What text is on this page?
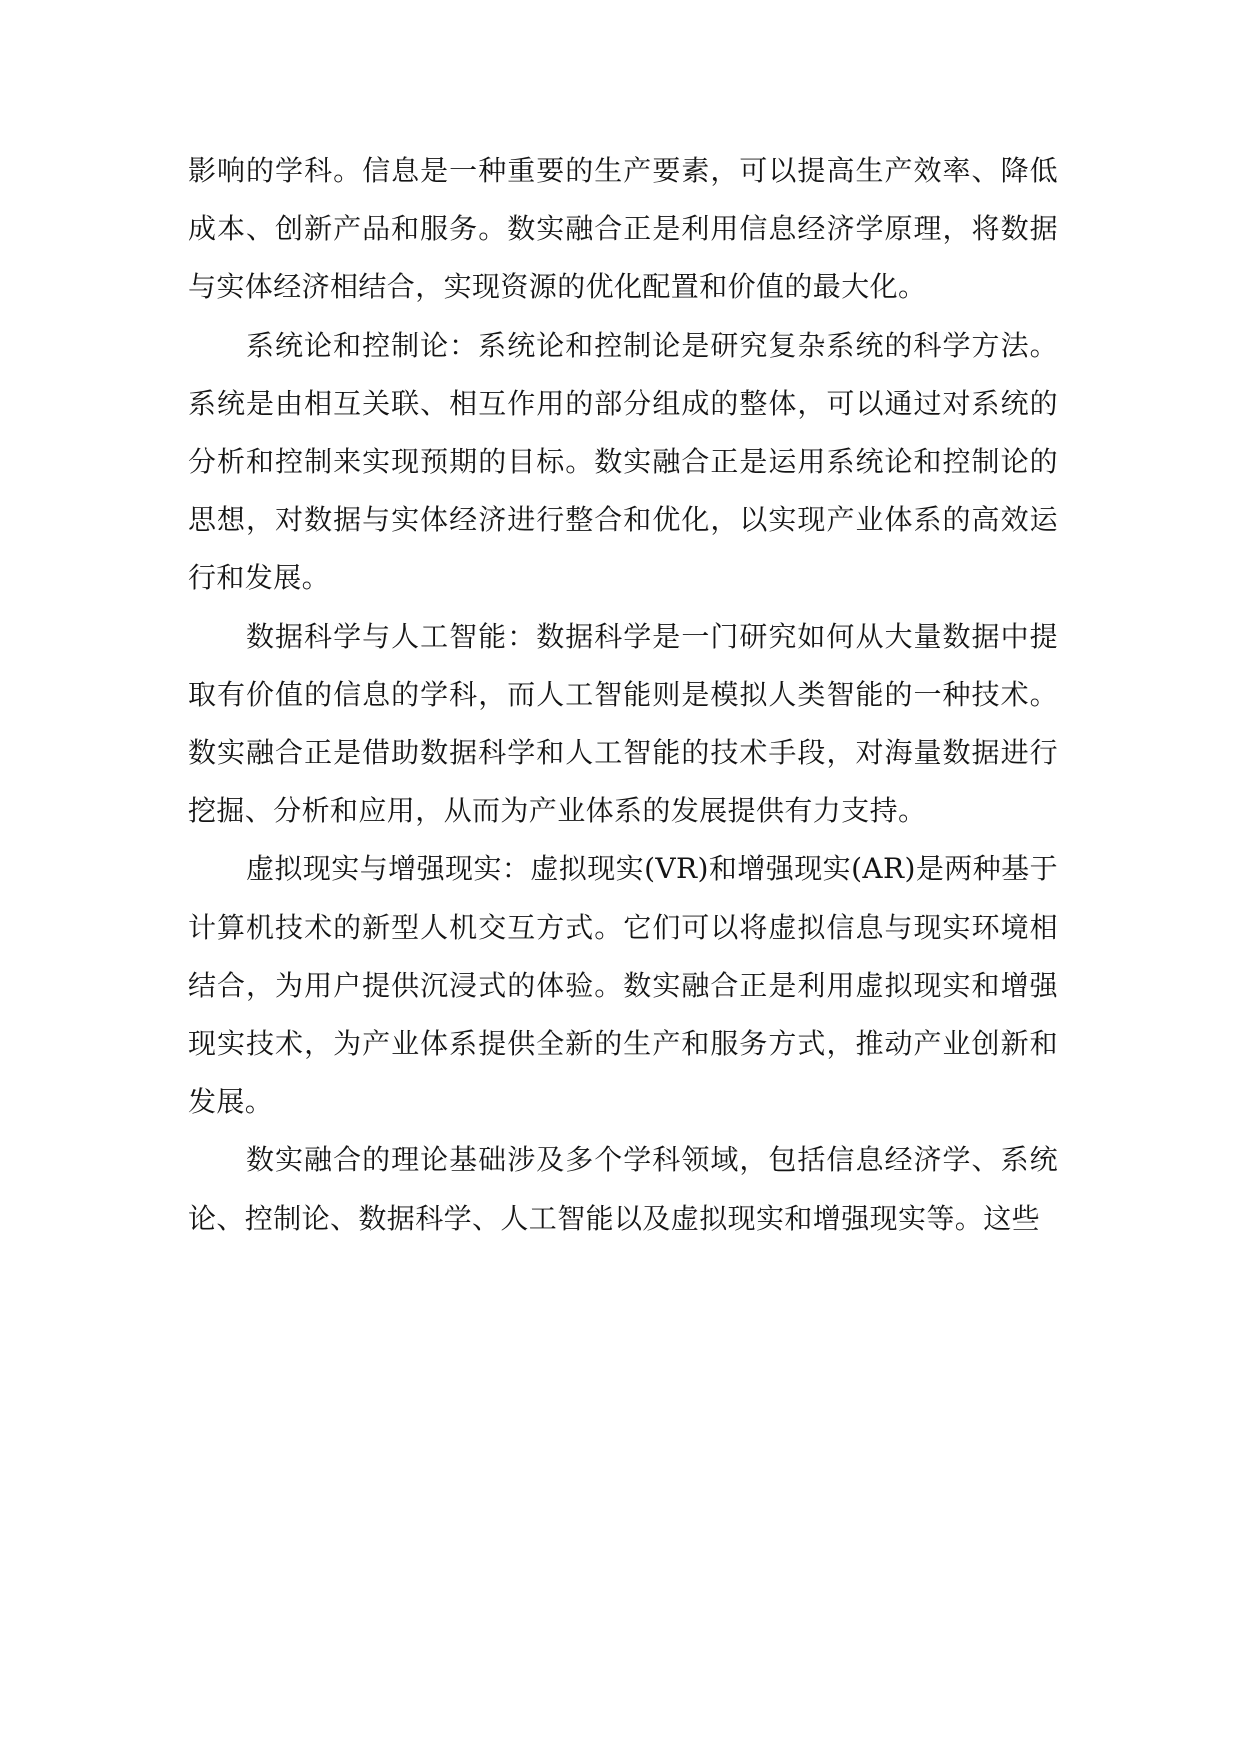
影响的学科。信息是一种重要的生产要素，可以提高生产效率、降低成本、创新产品和服务。数实融合正是利用信息经济学原理，将数据与实体经济相结合，实现资源的优化配置和价值的最大化。

系统论和控制论：系统论和控制论是研究复杂系统的科学方法。系统是由相互关联、相互作用的部分组成的整体，可以通过对系统的分析和控制来实现预期的目标。数实融合正是运用系统论和控制论的思想，对数据与实体经济进行整合和优化，以实现产业体系的高效运行和发展。

数据科学与人工智能：数据科学是一门研究如何从大量数据中提取有价值的信息的学科，而人工智能则是模拟人类智能的一种技术。数实融合正是借助数据科学和人工智能的技术手段，对海量数据进行挖掘、分析和应用，从而为产业体系的发展提供有力支持。

虚拟现实与增强现实：虚拟现实(VR)和增强现实(AR)是两种基于计算机技术的新型人机交互方式。它们可以将虚拟信息与现实环境相结合，为用户提供沉浸式的体验。数实融合正是利用虚拟现实和增强现实技术，为产业体系提供全新的生产和服务方式，推动产业创新和发展。

数实融合的理论基础涉及多个学科领域，包括信息经济学、系统论、控制论、数据科学、人工智能以及虚拟现实和增强现实等。这些
